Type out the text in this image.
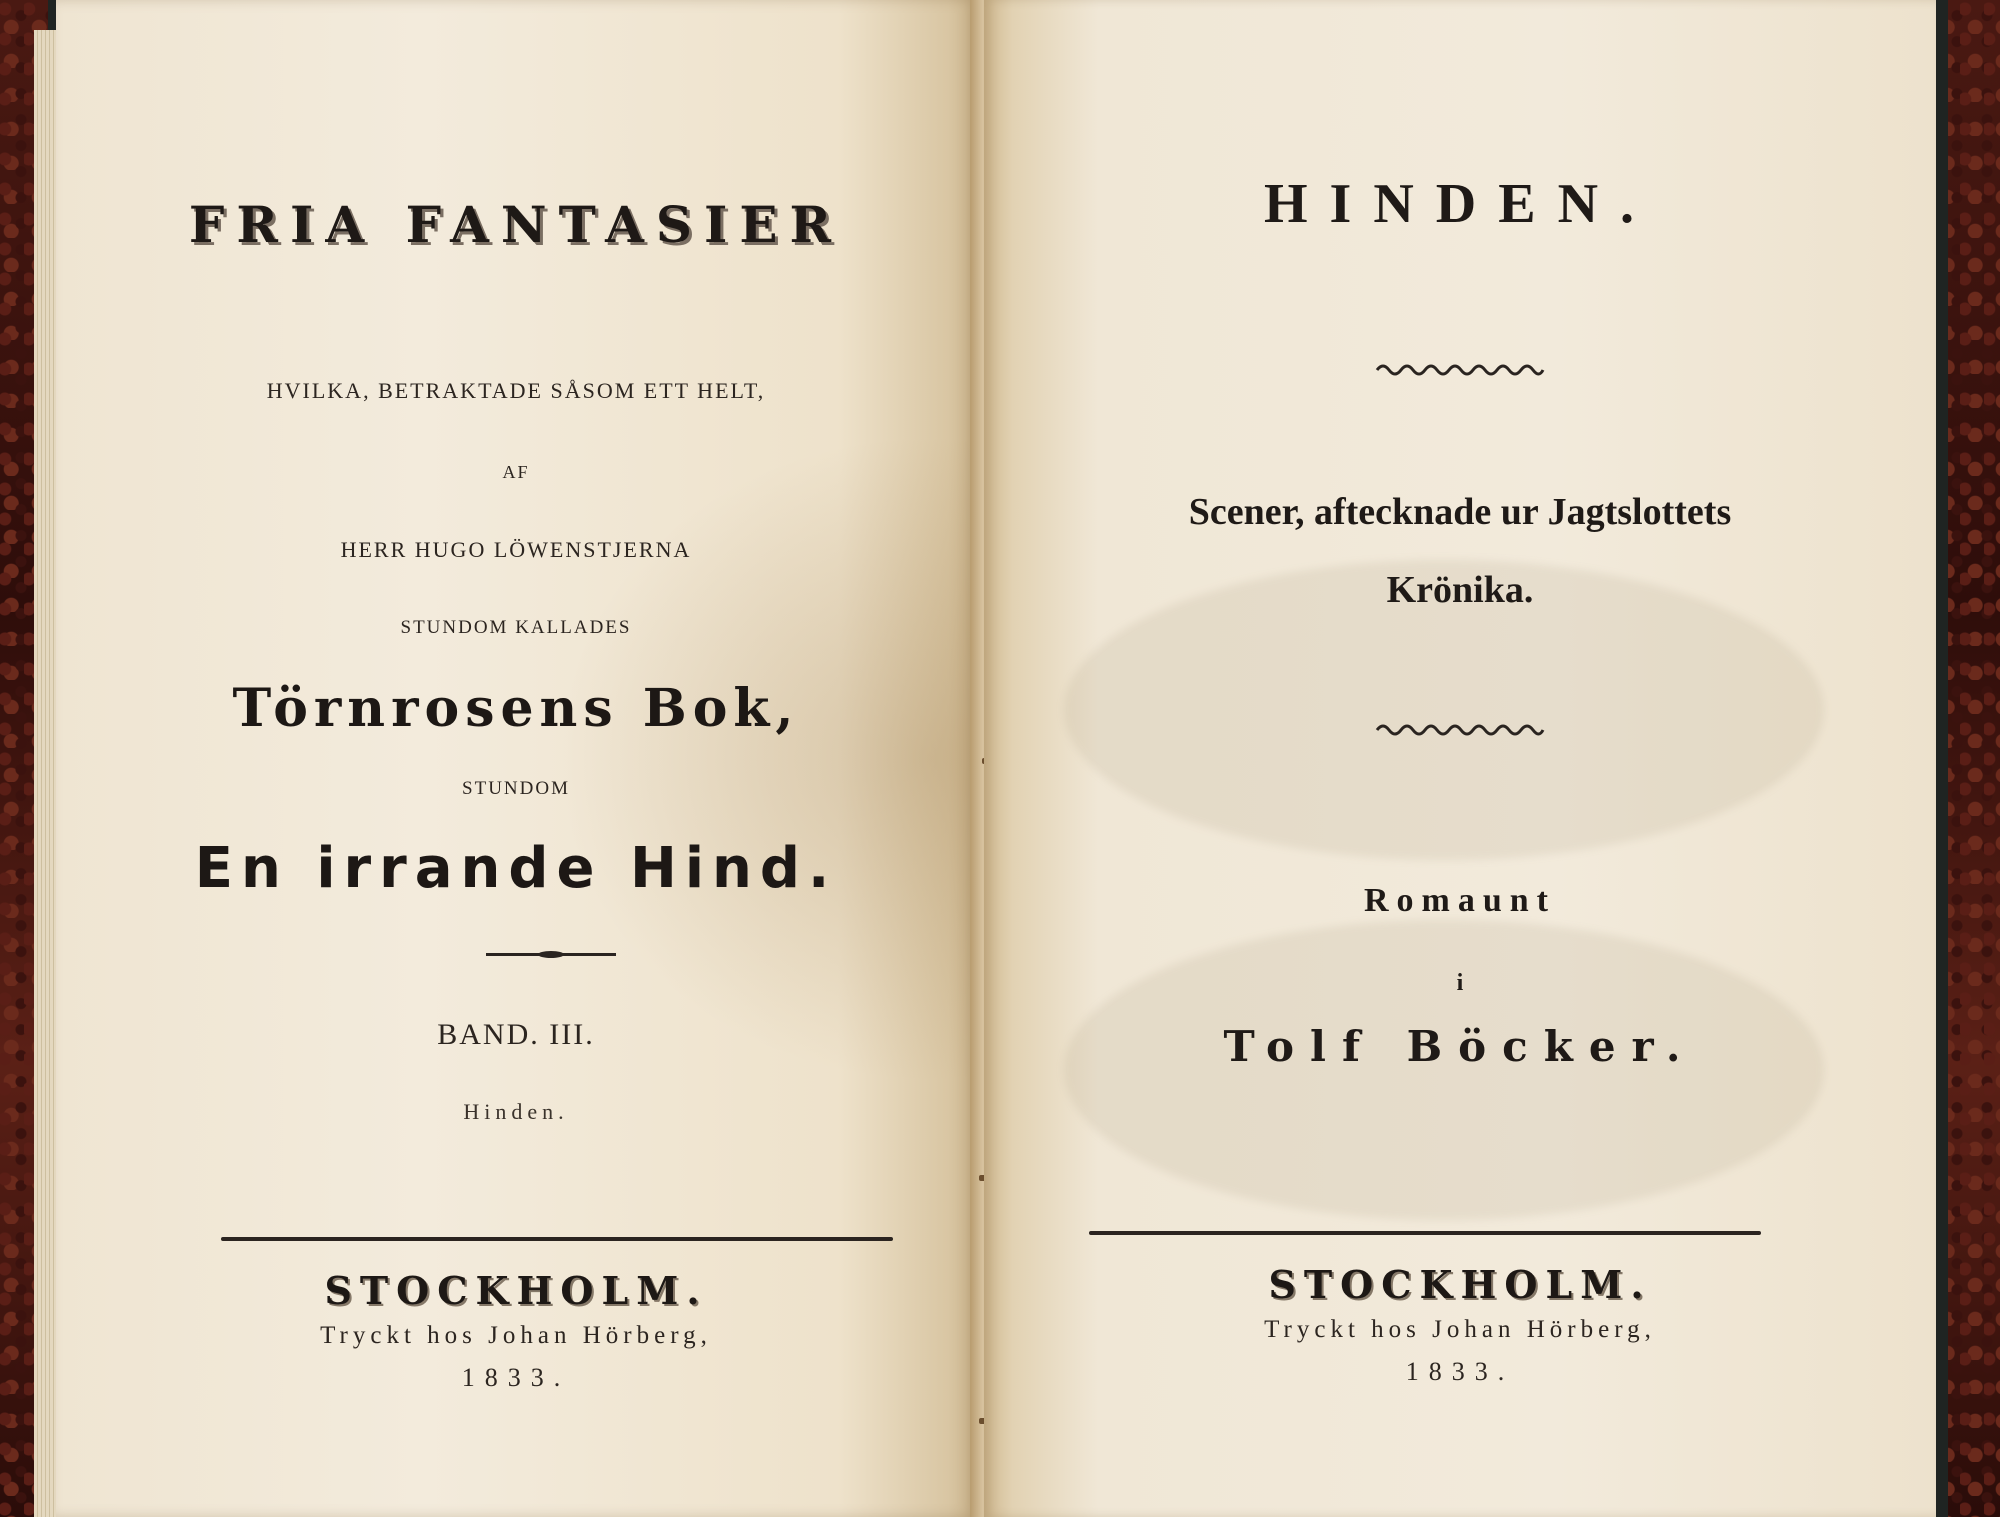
FRIA FANTASIER
HVILKA, BETRAKTADE SÅSOM ETT HELT,
AF
HERR HUGO LÖWENSTJERNA
STUNDOM KALLADES
Törnrosens Bok,
STUNDOM
En irrande Hind.
BAND. III.
Hinden.
STOCKHOLM.
Tryckt hos Johan Hörberg,
1833.
HINDEN.
Scener, aftecknade ur Jagtslottets
Krönika.
Romaunt
i
Tolf Böcker.
STOCKHOLM.
Tryckt hos Johan Hörberg,
1833.
